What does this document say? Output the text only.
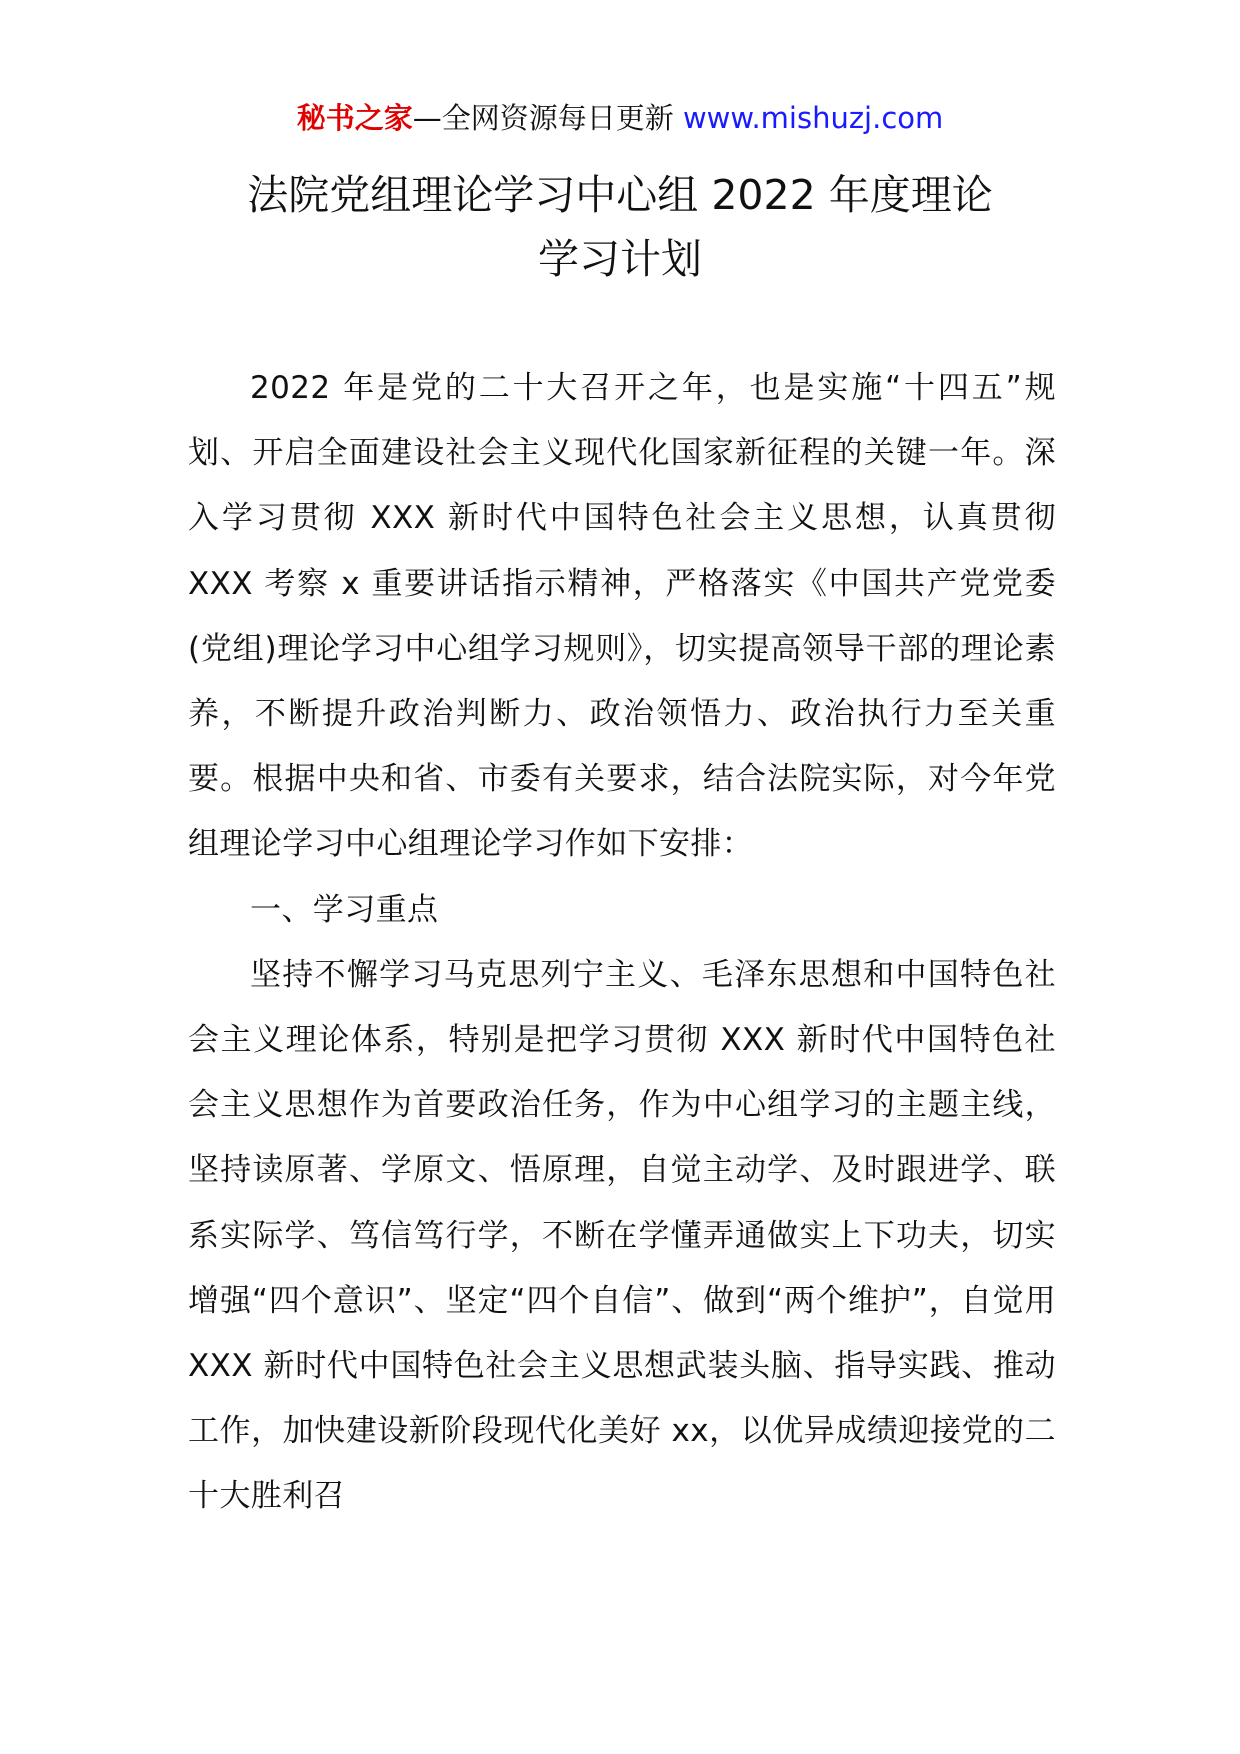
秘书之家—全网资源每日更新 www.mishuzj.com
法院党组理论学习中心组 2022 年度理论
学习计划

2022 年是党的二十大召开之年，也是实施“十四五”规划、开启全面建设社会主义现代化国家新征程的关键一年。深入学习贯彻 XXX 新时代中国特色社会主义思想，认真贯彻 XXX 考察 x 重要讲话指示精神，严格落实《中国共产党党委(党组)理论学习中心组学习规则》，切实提高领导干部的理论素养，不断提升政治判断力、政治领悟力、政治执行力至关重要。根据中央和省、市委有关要求，结合法院实际，对今年党组理论学习中心组理论学习作如下安排：

一、学习重点

坚持不懈学习马克思列宁主义、毛泽东思想和中国特色社会主义理论体系，特别是把学习贯彻 XXX 新时代中国特色社会主义思想作为首要政治任务，作为中心组学习的主题主线，坚持读原著、学原文、悟原理，自觉主动学、及时跟进学、联系实际学、笃信笃行学，不断在学懂弄通做实上下功夫，切实增强“四个意识”、坚定“四个自信”、做到“两个维护”，自觉用 XXX 新时代中国特色社会主义思想武装头脑、指导实践、推动工作，加快建设新阶段现代化美好 xx，以优异成绩迎接党的二十大胜利召
